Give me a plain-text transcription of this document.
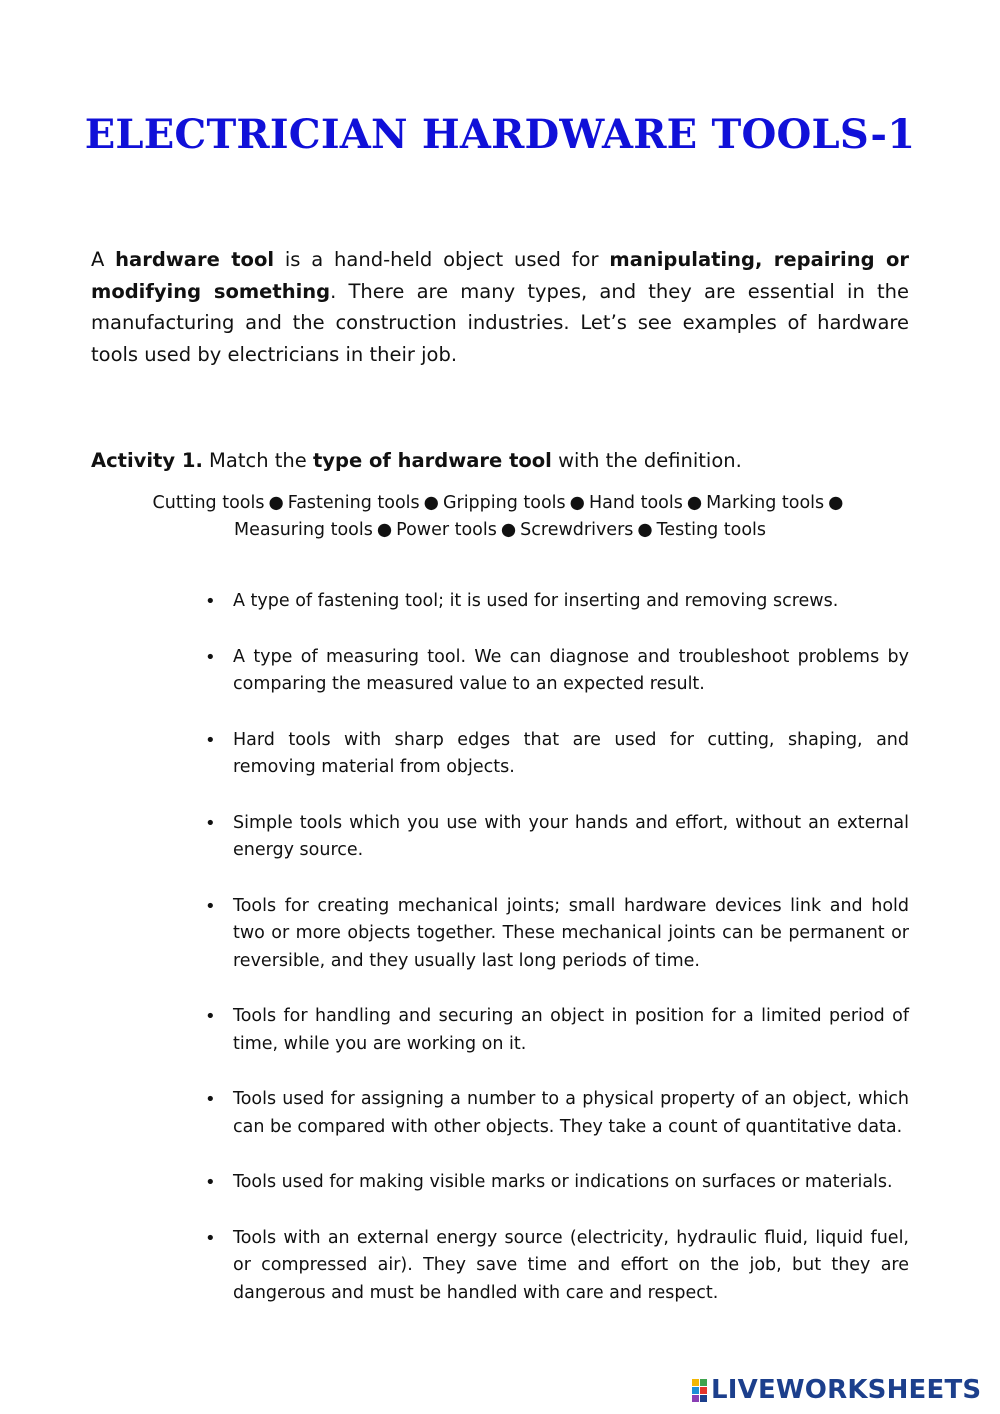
ELECTRICIAN HARDWARE TOOLS-1

A hardware tool is a hand-held object used for manipulating, repairing or modifying something. There are many types, and they are essential in the manufacturing and the construction industries. Let’s see examples of hardware tools used by electricians in their job.

Activity 1. Match the type of hardware tool with the definition.
Cutting tools ● Fastening tools ● Gripping tools ● Hand tools ● Marking tools ●
Measuring tools ● Power tools ● Screwdrivers ● Testing tools
• A type of fastening tool; it is used for inserting and removing screws.
• A type of measuring tool. We can diagnose and troubleshoot problems by comparing the measured value to an expected result.
• Hard tools with sharp edges that are used for cutting, shaping, and removing material from objects.
• Simple tools which you use with your hands and effort, without an external energy source.
• Tools for creating mechanical joints; small hardware devices link and hold two or more objects together. These mechanical joints can be permanent or reversible, and they usually last long periods of time.
• Tools for handling and securing an object in position for a limited period of time, while you are working on it.
• Tools used for assigning a number to a physical property of an object, which can be compared with other objects. They take a count of quantitative data.
• Tools used for making visible marks or indications on surfaces or materials.
• Tools with an external energy source (electricity, hydraulic fluid, liquid fuel, or compressed air). They save time and effort on the job, but they are dangerous and must be handled with care and respect.
LIVEWORKSHEETS
